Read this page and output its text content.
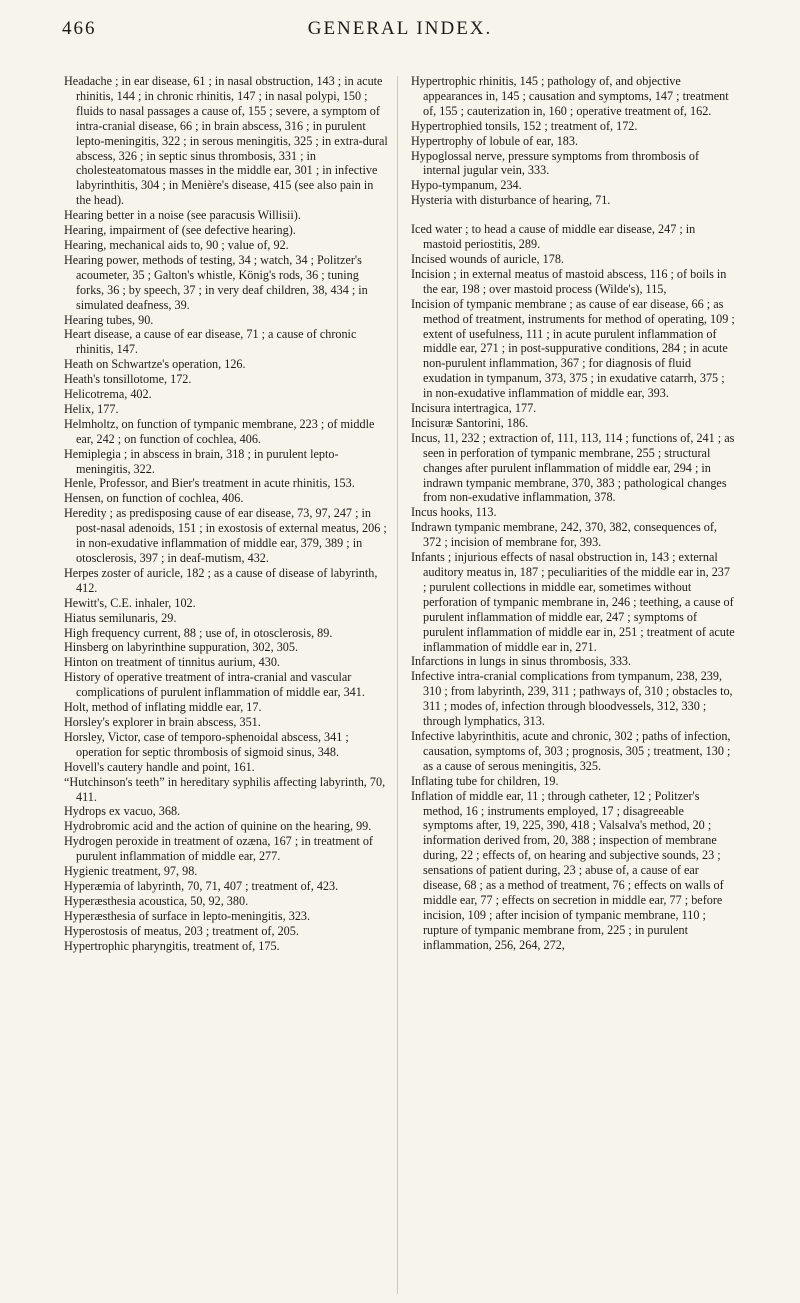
466	GENERAL INDEX.

Headache ; in ear disease, 61 ; in nasal obstruction, 143 ; in acute rhinitis, 144 ; in chronic rhinitis, 147 ; in nasal polypi, 150 ; fluids to nasal passages a cause of, 155 ; severe, a symptom of intra-cranial disease, 66 ; in brain abscess, 316 ; in purulent lepto-meningitis, 322 ; in serous meningitis, 325 ; in extra-dural abscess, 326 ; in septic sinus thrombosis, 331 ; in cholesteatomatous masses in the middle ear, 301 ; in infective labyrinthitis, 304 ; in Menière's disease, 415 (see also pain in the head).

Hearing better in a noise (see paracusis Willisii).

Hearing, impairment of (see defective hearing).

Hearing, mechanical aids to, 90 ; value of, 92.

Hearing power, methods of testing, 34 ; watch, 34 ; Politzer's acoumeter, 35 ; Galton's whistle, König's rods, 36 ; tuning forks, 36 ; by speech, 37 ; in very deaf children, 38, 434 ; in simulated deafness, 39.

Hearing tubes, 90.

Heart disease, a cause of ear disease, 71 ; a cause of chronic rhinitis, 147.

Heath on Schwartze's operation, 126.

Heath's tonsillotome, 172.

Helicotrema, 402.

Helix, 177.

Helmholtz, on function of tympanic membrane, 223 ; of middle ear, 242 ; on function of cochlea, 406.

Hemiplegia ; in abscess in brain, 318 ; in purulent lepto-meningitis, 322.

Henle, Professor, and Bier's treatment in acute rhinitis, 153.

Hensen, on function of cochlea, 406.

Heredity ; as predisposing cause of ear disease, 73, 97, 247 ; in post-nasal adenoids, 151 ; in exostosis of external meatus, 206 ; in non-exudative inflammation of middle ear, 379, 389 ; in otosclerosis, 397 ; in deaf-mutism, 432.

Herpes zoster of auricle, 182 ; as a cause of disease of labyrinth, 412.

Hewitt's, C.E. inhaler, 102.

Hiatus semilunaris, 29.

High frequency current, 88 ; use of, in otosclerosis, 89.

Hinsberg on labyrinthine suppuration, 302, 305.

Hinton on treatment of tinnitus aurium, 430.

History of operative treatment of intra-cranial and vascular complications of purulent inflammation of middle ear, 341.

Holt, method of inflating middle ear, 17.

Horsley's explorer in brain abscess, 351.

Horsley, Victor, case of temporo-sphenoidal abscess, 341 ; operation for septic thrombosis of sigmoid sinus, 348.

Hovell's cautery handle and point, 161.

“Hutchinson's teeth” in hereditary syphilis affecting labyrinth, 70, 411.

Hydrops ex vacuo, 368.

Hydrobromic acid and the action of quinine on the hearing, 99.

Hydrogen peroxide in treatment of ozæna, 167 ; in treatment of purulent inflammation of middle ear, 277.

Hygienic treatment, 97, 98.

Hyperæmia of labyrinth, 70, 71, 407 ; treatment of, 423.

Hyperæsthesia acoustica, 50, 92, 380.

Hyperæsthesia of surface in lepto-meningitis, 323.

Hyperostosis of meatus, 203 ; treatment of, 205.

Hypertrophic pharyngitis, treatment of, 175.

Hypertrophic rhinitis, 145 ; pathology of, and objective appearances in, 145 ; causation and symptoms, 147 ; treatment of, 155 ; cauterization in, 160 ; operative treatment of, 162.

Hypertrophied tonsils, 152 ; treatment of, 172.

Hypertrophy of lobule of ear, 183.

Hypoglossal nerve, pressure symptoms from thrombosis of internal jugular vein, 333.

Hypo-tympanum, 234.

Hysteria with disturbance of hearing, 71.

Iced water ; to head a cause of middle ear disease, 247 ; in mastoid periostitis, 289.

Incised wounds of auricle, 178.

Incision ; in external meatus of mastoid abscess, 116 ; of boils in the ear, 198 ; over mastoid process (Wilde's), 115,

Incision of tympanic membrane ; as cause of ear disease, 66 ; as method of treatment, instruments for method of operating, 109 ; extent of usefulness, 111 ; in acute purulent inflammation of middle ear, 271 ; in post-suppurative conditions, 284 ; in acute non-purulent inflammation, 367 ; for diagnosis of fluid exudation in tympanum, 373, 375 ; in exudative catarrh, 375 ; in non-exudative inflammation of middle ear, 393.

Incisura intertragica, 177.

Incisuræ Santorini, 186.

Incus, 11, 232 ; extraction of, 111, 113, 114 ; functions of, 241 ; as seen in perforation of tympanic membrane, 255 ; structural changes after purulent inflammation of middle ear, 294 ; in indrawn tympanic membrane, 370, 383 ; pathological changes from non-exudative inflammation, 378.

Incus hooks, 113.

Indrawn tympanic membrane, 242, 370, 382, consequences of, 372 ; incision of membrane for, 393.

Infants ; injurious effects of nasal obstruction in, 143 ; external auditory meatus in, 187 ; peculiarities of the middle ear in, 237 ; purulent collections in middle ear, sometimes without perforation of tympanic membrane in, 246 ; teething, a cause of purulent inflammation of middle ear, 247 ; symptoms of purulent inflammation of middle ear in, 251 ; treatment of acute inflammation of middle ear in, 271.

Infarctions in lungs in sinus thrombosis, 333.

Infective intra-cranial complications from tympanum, 238, 239, 310 ; from labyrinth, 239, 311 ; pathways of, 310 ; obstacles to, 311 ; modes of, infection through bloodvessels, 312, 330 ; through lymphatics, 313.

Infective labyrinthitis, acute and chronic, 302 ; paths of infection, causation, symptoms of, 303 ; prognosis, 305 ; treatment, 130 ; as a cause of serous meningitis, 325.

Inflating tube for children, 19.

Inflation of middle ear, 11 ; through catheter, 12 ; Politzer's method, 16 ; instruments employed, 17 ; disagreeable symptoms after, 19, 225, 390, 418 ; Valsalva's method, 20 ; information derived from, 20, 388 ; inspection of membrane during, 22 ; effects of, on hearing and subjective sounds, 23 ; sensations of patient during, 23 ; abuse of, a cause of ear disease, 68 ; as a method of treatment, 76 ; effects on walls of middle ear, 77 ; effects on secretion in middle ear, 77 ; before incision, 109 ; after incision of tympanic membrane, 110 ; rupture of tympanic membrane from, 225 ; in purulent inflammation, 256, 264, 272,
